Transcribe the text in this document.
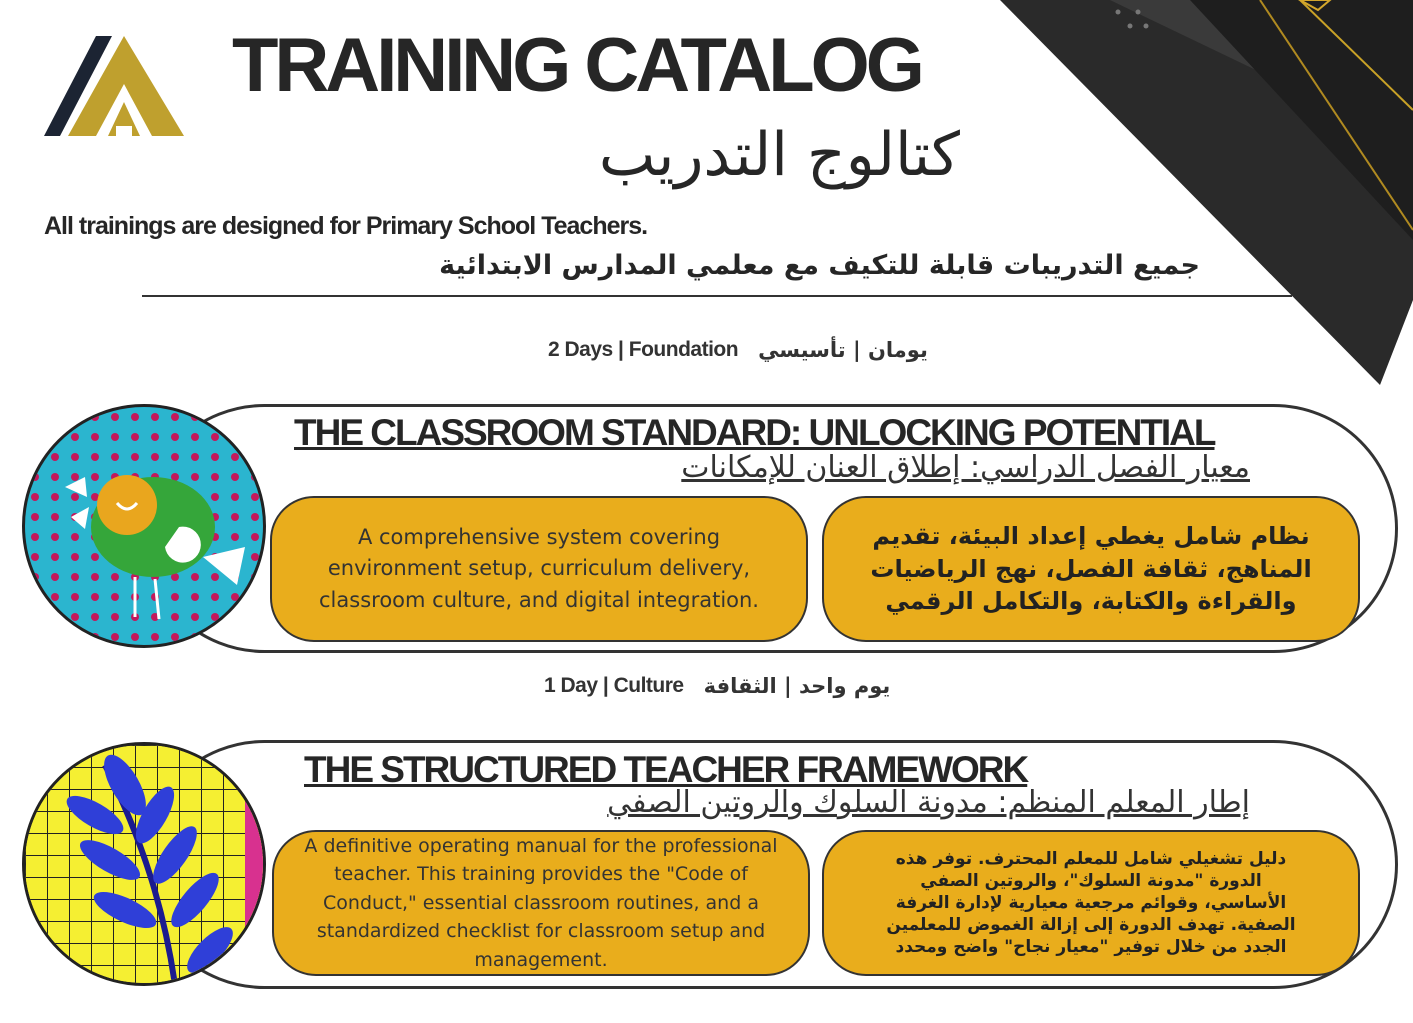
TRAINING CATALOG
كتالوج التدريب
All trainings are designed for Primary School Teachers.
جميع التدريبات قابلة للتكيف مع معلمي المدارس الابتدائية
2 Days | Foundation يومان | تأسيسي
THE CLASSROOM STANDARD: UNLOCKING POTENTIAL
معيار الفصل الدراسي: إطلاق العنان للإمكانات
A comprehensive system covering environment setup, curriculum delivery, classroom culture, and digital integration.
نظام شامل يغطي إعداد البيئة، تقديم المناهج، ثقافة الفصل، نهج الرياضيات والقراءة والكتابة، والتكامل الرقمي
1 Day | Culture يوم واحد | الثقافة
THE STRUCTURED TEACHER FRAMEWORK
إطار المعلم المنظم: مدونة السلوك والروتين الصفي
A definitive operating manual for the professional teacher. This training provides the "Code of Conduct," essential classroom routines, and a standardized checklist for classroom setup and management.
دليل تشغيلي شامل للمعلم المحترف. توفر هذه الدورة "مدونة السلوك"، والروتين الصفي الأساسي، وقوائم مرجعية معيارية لإدارة الغرفة الصفية. تهدف الدورة إلى إزالة الغموض للمعلمين الجدد من خلال توفير "معيار نجاح" واضح ومحدد
